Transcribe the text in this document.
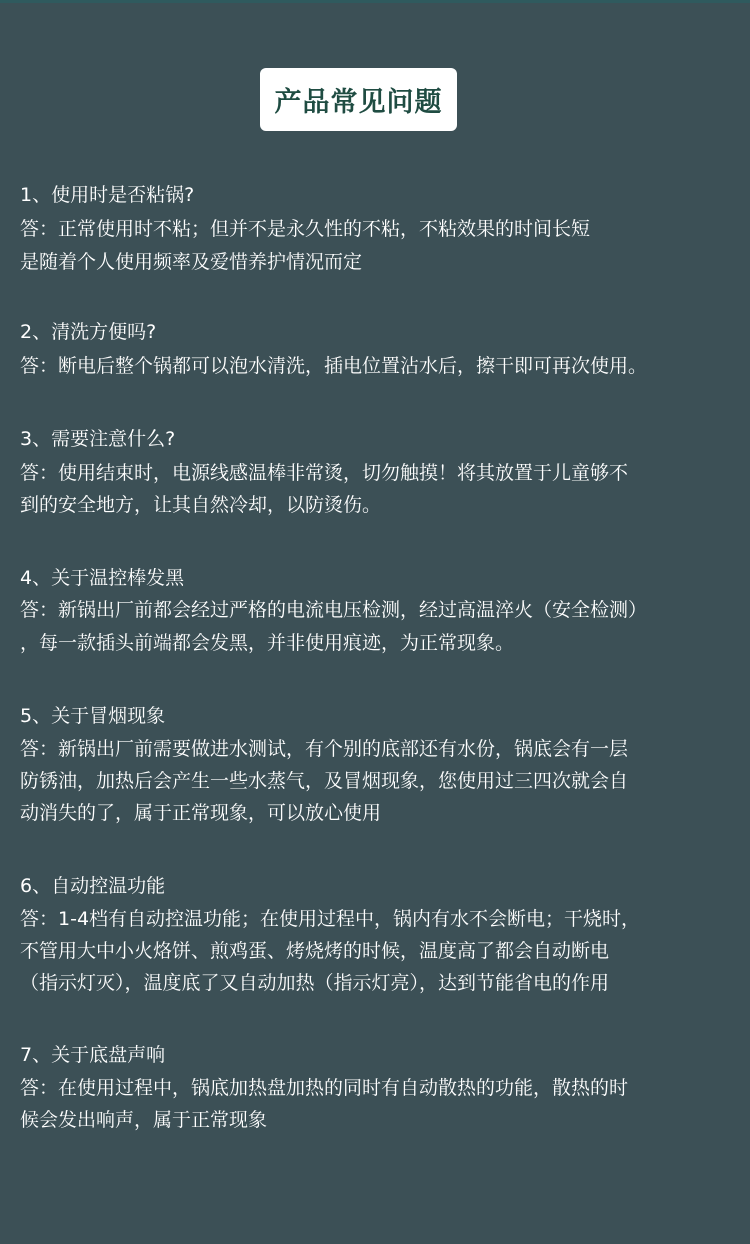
产品常见问题
1、使用时是否粘锅?
答：正常使用时不粘；但并不是永久性的不粘，不粘效果的时间长短
是随着个人使用频率及爱惜养护情况而定
2、清洗方便吗?
答：断电后整个锅都可以泡水清洗，插电位置沾水后，擦干即可再次使用。
3、需要注意什么?
答：使用结束时，电源线感温棒非常烫，切勿触摸！将其放置于儿童够不
到的安全地方，让其自然冷却，以防烫伤。
4、关于温控棒发黑
答：新锅出厂前都会经过严格的电流电压检测，经过高温淬火（安全检测）
，每一款插头前端都会发黑，并非使用痕迹，为正常现象。
5、关于冒烟现象
答：新锅出厂前需要做进水测试，有个别的底部还有水份，锅底会有一层
防锈油，加热后会产生一些水蒸气，及冒烟现象，您使用过三四次就会自
动消失的了，属于正常现象，可以放心使用
6、自动控温功能
答：1-4档有自动控温功能；在使用过程中，锅内有水不会断电；干烧时，
不管用大中小火烙饼、煎鸡蛋、烤烧烤的时候，温度高了都会自动断电
（指示灯灭），温度底了又自动加热（指示灯亮），达到节能省电的作用
7、关于底盘声响
答：在使用过程中，锅底加热盘加热的同时有自动散热的功能，散热的时
候会发出响声，属于正常现象
